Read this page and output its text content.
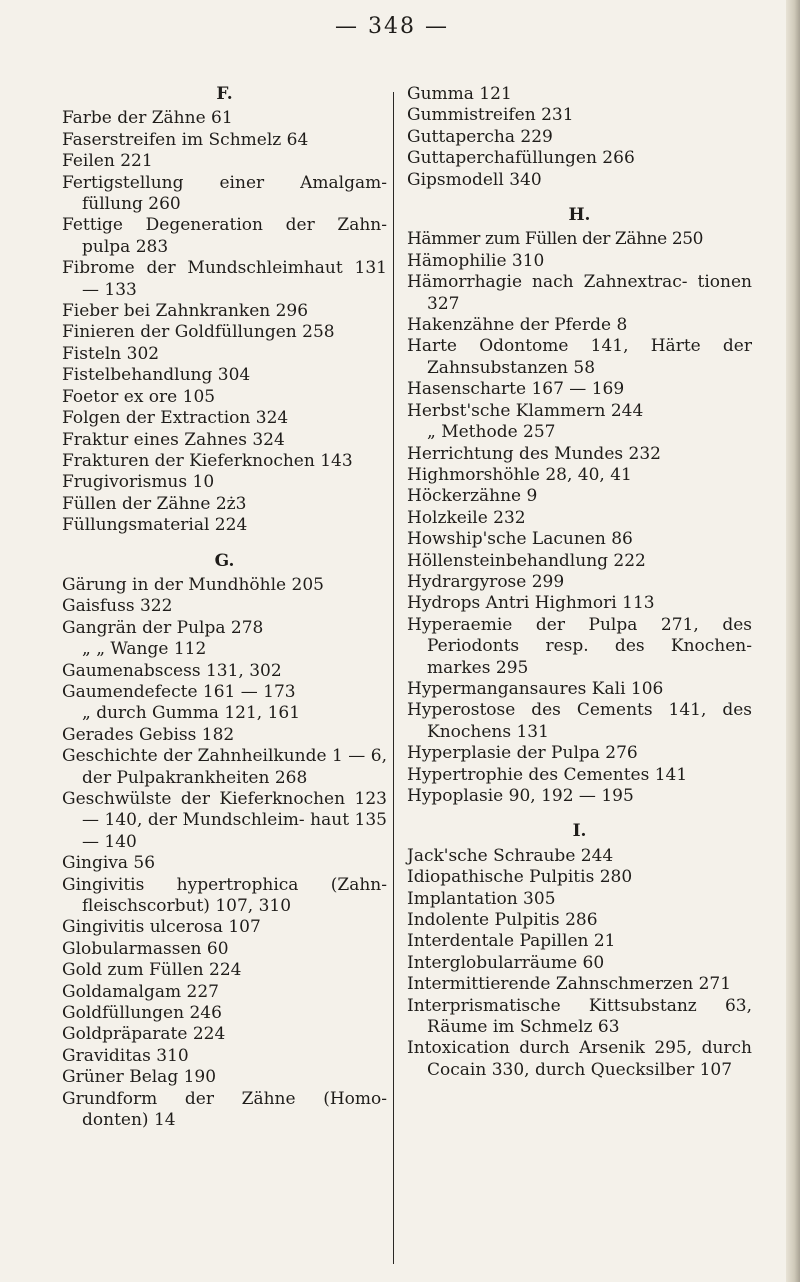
— 348 —
F.
Farbe der Zähne 61
Faserstreifen im Schmelz 64
Feilen 221
Fertigstellung einer Amalgam- füllung 260
Fettige Degeneration der Zahn- pulpa 283
Fibrome der Mundschleimhaut 131 — 133
Fieber bei Zahnkranken 296
Finieren der Goldfüllungen 258
Fisteln 302
Fistelbehandlung 304
Foetor ex ore 105
Folgen der Extraction 324
Fraktur eines Zahnes 324
Frakturen der Kieferknochen 143
Frugivorismus 10
Füllen der Zähne 2ż3
Füllungsmaterial 224
G.
Gärung in der Mundhöhle 205
Gaisfuss 322
Gangrän der Pulpa 278
„ „ Wange 112
Gaumenabscess 131, 302
Gaumendefecte 161 — 173
„ durch Gumma 121, 161
Gerades Gebiss 182
Geschichte der Zahnheilkunde 1 — 6, der Pulpakrankheiten 268
Geschwülste der Kieferknochen 123 — 140, der Mundschleim- haut 135 — 140
Gingiva 56
Gingivitis hypertrophica (Zahn- fleischscorbut) 107, 310
Gingivitis ulcerosa 107
Globularmassen 60
Gold zum Füllen 224
Goldamalgam 227
Goldfüllungen 246
Goldpräparate 224
Graviditas 310
Grüner Belag 190
Grundform der Zähne (Homo- donten) 14
Gumma 121
Gummistreifen 231
Guttapercha 229
Guttaperchafüllungen 266
Gipsmodell 340
H.
Hämmer zum Füllen der Zähne 250
Hämophilie 310
Hämorrhagie nach Zahnextrac- tionen 327
Hakenzähne der Pferde 8
Harte Odontome 141, Härte der Zahnsubstanzen 58
Hasenscharte 167 — 169
Herbst'sche Klammern 244
„ Methode 257
Herrichtung des Mundes 232
Highmorshöhle 28, 40, 41
Höckerzähne 9
Holzkeile 232
Howship'sche Lacunen 86
Höllensteinbehandlung 222
Hydrargyrose 299
Hydrops Antri Highmori 113
Hyperaemie der Pulpa 271, des Periodonts resp. des Knochen- markes 295
Hypermangansaures Kali 106
Hyperostose des Cements 141, des Knochens 131
Hyperplasie der Pulpa 276
Hypertrophie des Cementes 141
Hypoplasie 90, 192 — 195
I.
Jack'sche Schraube 244
Idiopathische Pulpitis 280
Implantation 305
Indolente Pulpitis 286
Interdentale Papillen 21
Interglobularräume 60
Intermittierende Zahnschmerzen 271
Interprismatische Kittsubstanz 63, Räume im Schmelz 63
Intoxication durch Arsenik 295, durch Cocain 330, durch Quecksilber 107
